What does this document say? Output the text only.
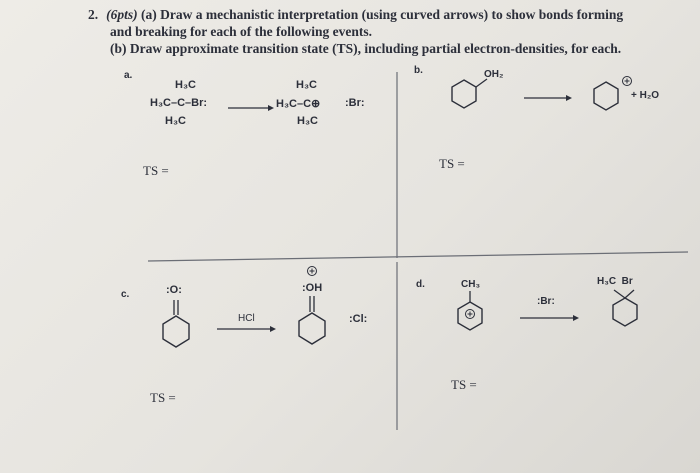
2. (6pts) (a) Draw a mechanistic interpretation (using curved arrows) to show bonds forming
and breaking for each of the following events.
(b) Draw approximate transition state (TS), including partial electron-densities, for each.
a.
H₃C
H₃C–C–Br:
H₃C
H₃C
H₃C–C⊕
H₃C
:Br:
TS =
b.	OH₂
+ H₂O
TS =
c.	:O:
HCl
:OH
:Cl:
TS =
d.	CH₃
:Br:
H₃C  Br
TS =
